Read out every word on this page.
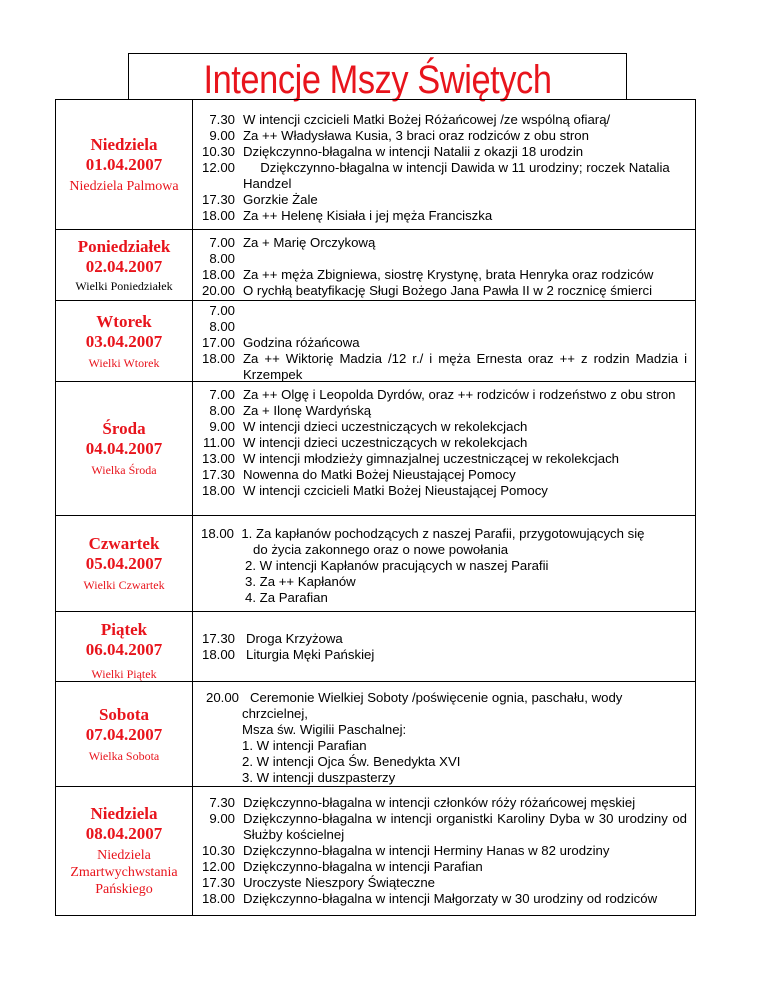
Intencje Mszy Świętych
Niedziela
01.04.2007
Niedziela Palmowa
7.30 W intencji czcicieli Matki Bożej Różańcowej /ze wspólną ofiarą/
9.00 Za ++ Władysława Kusia, 3 braci oraz rodziców z obu stron
10.30 Dziękczynno-błagalna w intencji Natalii z okazji 18 urodzin
12.00	Dziękczynno-błagalna w intencji Dawida w 11 urodziny; roczek Natalia Handzel
17.30 Gorzkie Żale
18.00 Za ++ Helenę Kisiała i jej męża Franciszka
Poniedziałek
02.04.2007
Wielki Poniedziałek
7.00 Za + Marię Orczykową
8.00
18.00 Za ++ męża Zbigniewa, siostrę Krystynę, brata Henryka oraz rodziców
20.00 O rychłą beatyfikację Sługi Bożego Jana Pawła II w 2 rocznicę śmierci
Wtorek
03.04.2007
Wielki Wtorek
7.00
8.00
17.00 Godzina różańcowa
18.00 Za ++ Wiktorię Madzia /12 r./ i męża Ernesta oraz ++ z rodzin Madzia i Krzempek
Środa
04.04.2007
Wielka Środa
7.00 Za ++ Olgę i Leopolda Dyrdów, oraz ++ rodziców i rodzeństwo z obu stron
8.00 Za + Ilonę Wardyńską
9.00 W intencji dzieci uczestniczących w rekolekcjach
11.00 W intencji dzieci uczestniczących w rekolekcjach
13.00 W intencji młodzieży gimnazjalnej uczestniczącej w rekolekcjach
17.30 Nowenna do Matki Bożej Nieustającej Pomocy
18.00 W intencji czcicieli Matki Bożej Nieustającej Pomocy
Czwartek
05.04.2007
Wielki Czwartek
18.00  1. Za kapłanów pochodzących z naszej Parafii, przygotowujących się
do życia zakonnego oraz o nowe powołania
2. W intencji Kapłanów pracujących w naszej Parafii
3. Za ++ Kapłanów
4. Za Parafian
Piątek
06.04.2007
Wielki Piątek
17.30   Droga Krzyżowa
18.00   Liturgia Męki Pańskiej
Sobota
07.04.2007
Wielka Sobota
20.00   Ceremonie Wielkiej Soboty /poświęcenie ognia, paschału, wody
chrzcielnej,
Msza św. Wigilii Paschalnej:
1. W intencji Parafian
2. W intencji Ojca Św. Benedykta XVI
3. W intencji duszpasterzy
Niedziela
08.04.2007
Niedziela Zmartwychwstania Pańskiego
7.30 Dziękczynno-błagalna w intencji członków róży różańcowej męskiej
9.00 Dziękczynno-błagalna w intencji organistki Karoliny Dyba w 30 urodziny od Służby kościelnej
10.30 Dziękczynno-błagalna w intencji Herminy Hanas w 82 urodziny
12.00 Dziękczynno-błagalna w intencji Parafian
17.30 Uroczyste Nieszpory Świąteczne
18.00 Dziękczynno-błagalna w intencji Małgorzaty w 30 urodziny od rodziców
